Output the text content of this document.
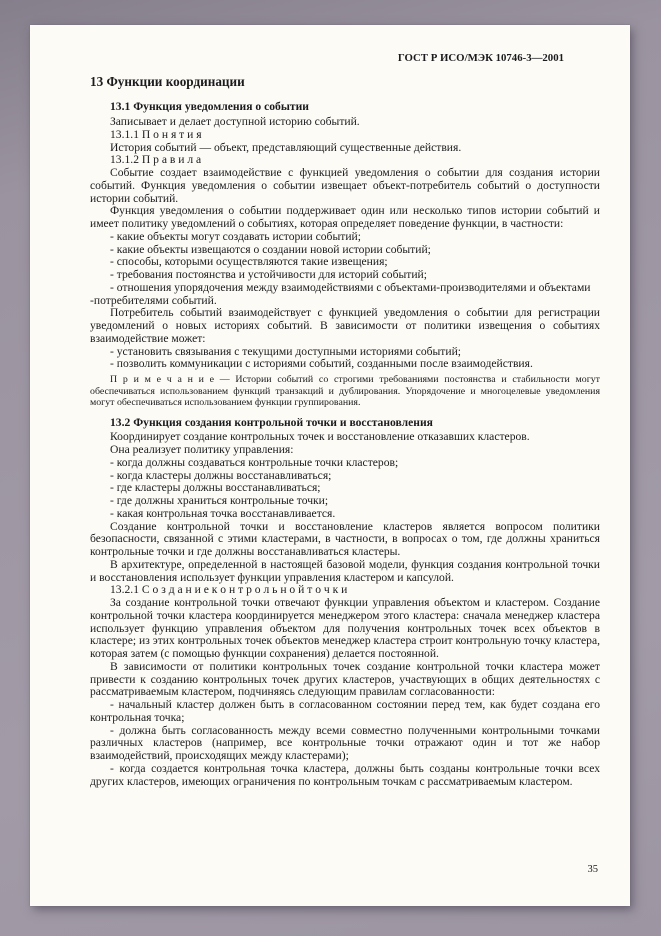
ГОСТ Р ИСО/МЭК 10746-3—2001

13 Функции координации

13.1 Функция уведомления о событии

Записывает и делает доступной историю событий.

13.1.1 П о н я т и я

История событий — объект, представляющий существенные действия.

13.1.2 П р а в и л а

Событие создает взаимодействие с функцией уведомления о событии для создания истории событий. Функция уведомления о событии извещает объект-потребитель событий о доступности истории событий.

Функция уведомления о событии поддерживает один или несколько типов истории событий и имеет политику уведомлений о событиях, которая определяет поведение функции, в частности:

- какие объекты могут создавать истории событий;

- какие объекты извещаются о создании новой истории событий;

- способы, которыми осуществляются такие извещения;

- требования постоянства и устойчивости для историй событий;

- отношения упорядочения между взаимодействиями с объектами-производителями и объектами

-потребителями событий.

Потребитель событий взаимодействует с функцией уведомления о событии для регистрации уведомлений о новых историях событий. В зависимости от политики извещения о событиях взаимодействие может:

- установить связывания с текущими доступными историями событий;

- позволить коммуникации с историями событий, созданными после взаимодействия.

П р и м е ч а н и е — Истории событий со строгими требованиями постоянства и стабильности могут обеспечиваться использованием функций транзакций и дублирования. Упорядочение и многоцелевые уведомления могут обеспечиваться использованием функции группирования.

13.2 Функция создания контрольной точки и восстановления

Координирует создание контрольных точек и восстановление отказавших кластеров.

Она реализует политику управления:

- когда должны создаваться контрольные точки кластеров;

- когда кластеры должны восстанавливаться;

- где кластеры должны восстанавливаться;

- где должны храниться контрольные точки;

- какая контрольная точка восстанавливается.

Создание контрольной точки и восстановление кластеров является вопросом политики безопасности, связанной с этими кластерами, в частности, в вопросах о том, где должны храниться контрольные точки и где должны восстанавливаться кластеры.

В архитектуре, определенной в настоящей базовой модели, функция создания контрольной точки и восстановления использует функции управления кластером и капсулой.

13.2.1 С о з д а н и е к о н т р о л ь н о й т о ч к и

За создание контрольной точки отвечают функции управления объектом и кластером. Создание контрольной точки кластера координируется менеджером этого кластера: сначала менеджер кластера использует функцию управления объектом для получения контрольных точек всех объектов в кластере; из этих контрольных точек объектов менеджер кластера строит контрольную точку кластера, которая затем (с помощью функции сохранения) делается постоянной.

В зависимости от политики контрольных точек создание контрольной точки кластера может привести к созданию контрольных точек других кластеров, участвующих в общих деятельностях с рассматриваемым кластером, подчиняясь следующим правилам согласованности:

- начальный кластер должен быть в согласованном состоянии перед тем, как будет создана его контрольная точка;

- должна быть согласованность между всеми совместно полученными контрольными точками различных кластеров (например, все контрольные точки отражают один и тот же набор взаимодействий, происходящих между кластерами);

- когда создается контрольная точка кластера, должны быть созданы контрольные точки всех других кластеров, имеющих ограничения по контрольным точкам с рассматриваемым кластером.

35
